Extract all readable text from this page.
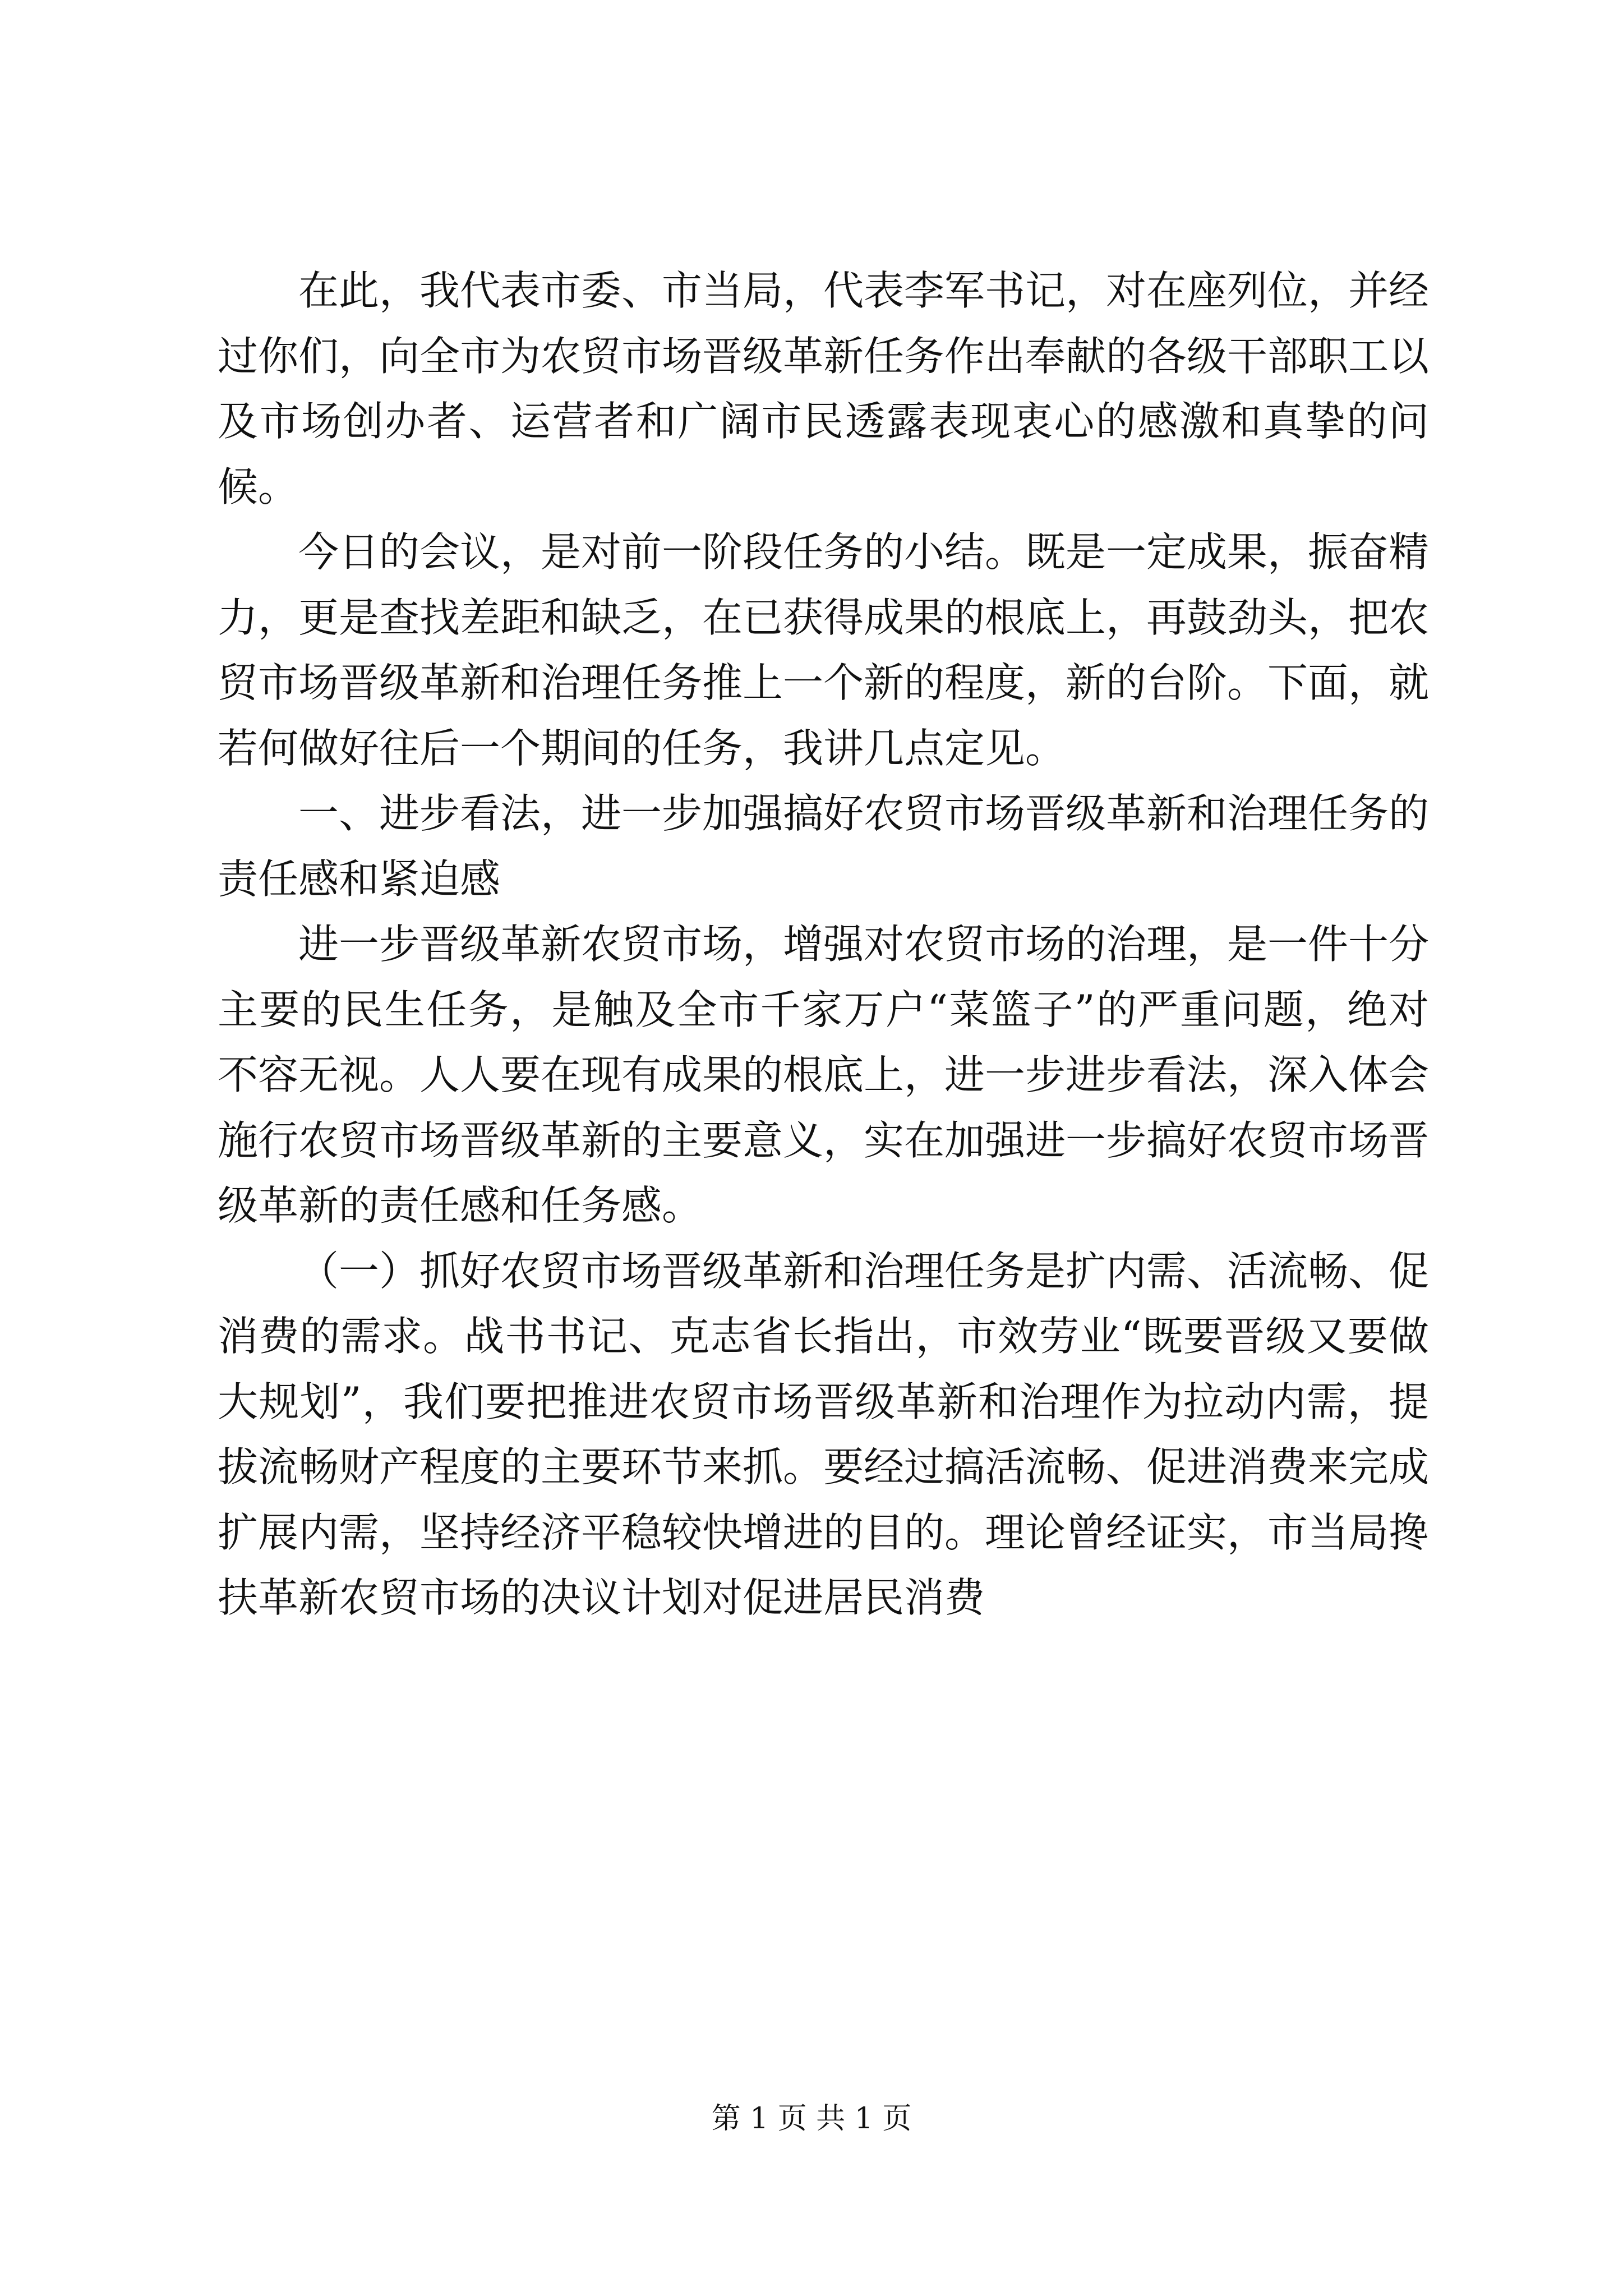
在此，我代表市委、市当局，代表李军书记，对在座列位，并经过你们，向全市为农贸市场晋级革新任务作出奉献的各级干部职工以及市场创办者、运营者和广阔市民透露表现衷心的感激和真挚的问候。

今日的会议，是对前一阶段任务的小结。既是一定成果，振奋精力，更是查找差距和缺乏，在已获得成果的根底上，再鼓劲头，把农贸市场晋级革新和治理任务推上一个新的程度，新的台阶。下面，就若何做好往后一个期间的任务，我讲几点定见。

一、进步看法，进一步加强搞好农贸市场晋级革新和治理任务的责任感和紧迫感

进一步晋级革新农贸市场，增强对农贸市场的治理，是一件十分主要的民生任务，是触及全市千家万户“菜篮子”的严重问题，绝对不容无视。人人要在现有成果的根底上，进一步进步看法，深入体会施行农贸市场晋级革新的主要意义，实在加强进一步搞好农贸市场晋级革新的责任感和任务感。

（一）抓好农贸市场晋级革新和治理任务是扩内需、活流畅、促消费的需求。战书书记、克志省长指出，市效劳业“既要晋级又要做大规划”，我们要把推进农贸市场晋级革新和治理作为拉动内需，提拔流畅财产程度的主要环节来抓。要经过搞活流畅、促进消费来完成扩展内需，坚持经济平稳较快增进的目的。理论曾经证实，市当局搀扶革新农贸市场的决议计划对促进居民消费

第 1 页 共 1 页
